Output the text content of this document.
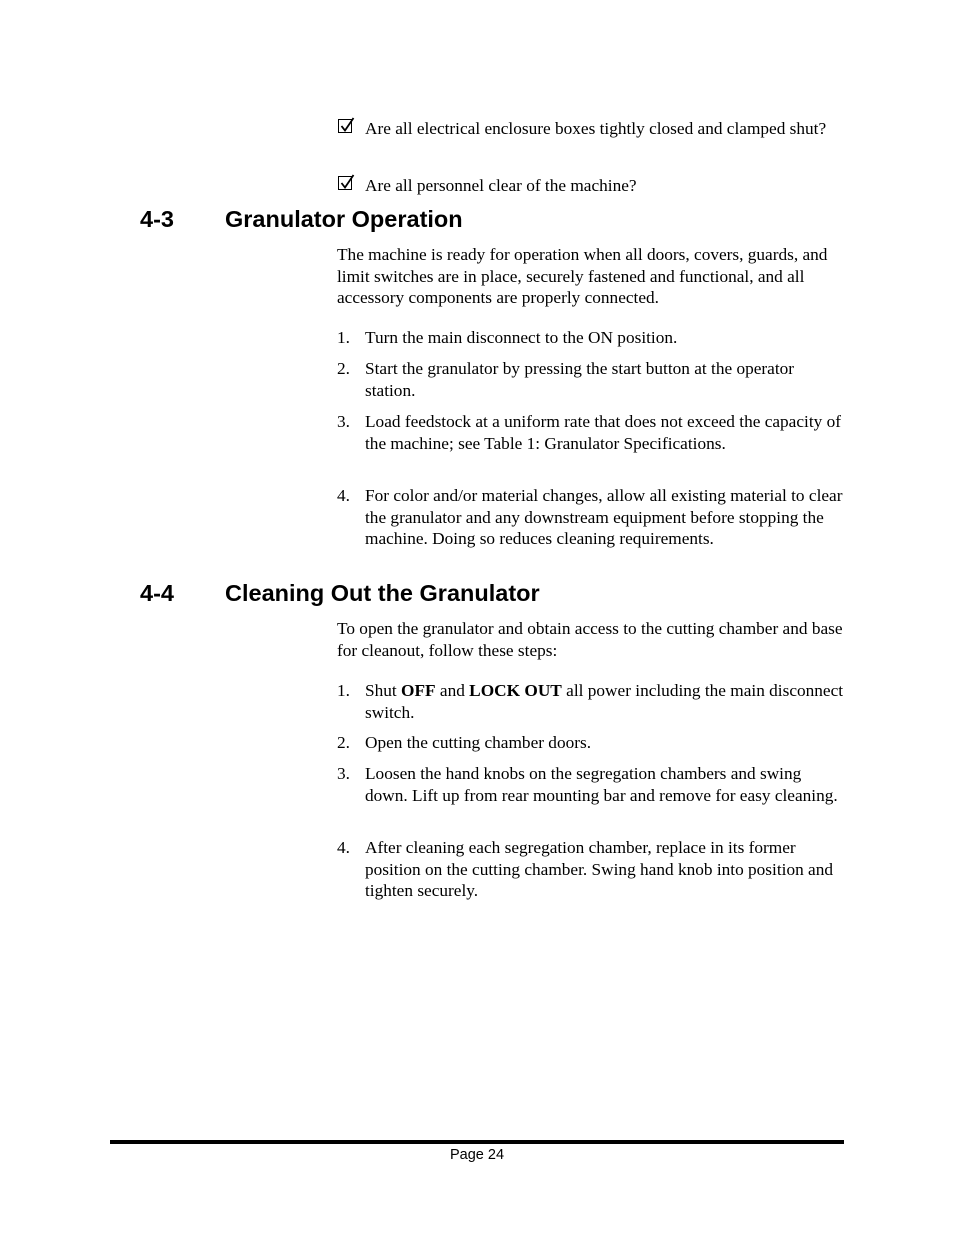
Are all electrical enclosure boxes tightly closed and clamped shut?
Are all personnel clear of the machine?
4-3 Granulator Operation
The machine is ready for operation when all doors, covers, guards, and limit switches are in place, securely fastened and functional, and all accessory components are properly connected.
1. Turn the main disconnect to the ON position.
2. Start the granulator by pressing the start button at the operator station.
3. Load feedstock at a uniform rate that does not exceed the capacity of the machine; see Table 1: Granulator Specifications.
4. For color and/or material changes, allow all existing material to clear the granulator and any downstream equipment before stopping the machine. Doing so reduces cleaning requirements.
4-4 Cleaning Out the Granulator
To open the granulator and obtain access to the cutting chamber and base for cleanout, follow these steps:
1. Shut OFF and LOCK OUT all power including the main disconnect switch.
2. Open the cutting chamber doors.
3. Loosen the hand knobs on the segregation chambers and swing down. Lift up from rear mounting bar and remove for easy cleaning.
4. After cleaning each segregation chamber, replace in its former position on the cutting chamber. Swing hand knob into position and tighten securely.
Page 24
